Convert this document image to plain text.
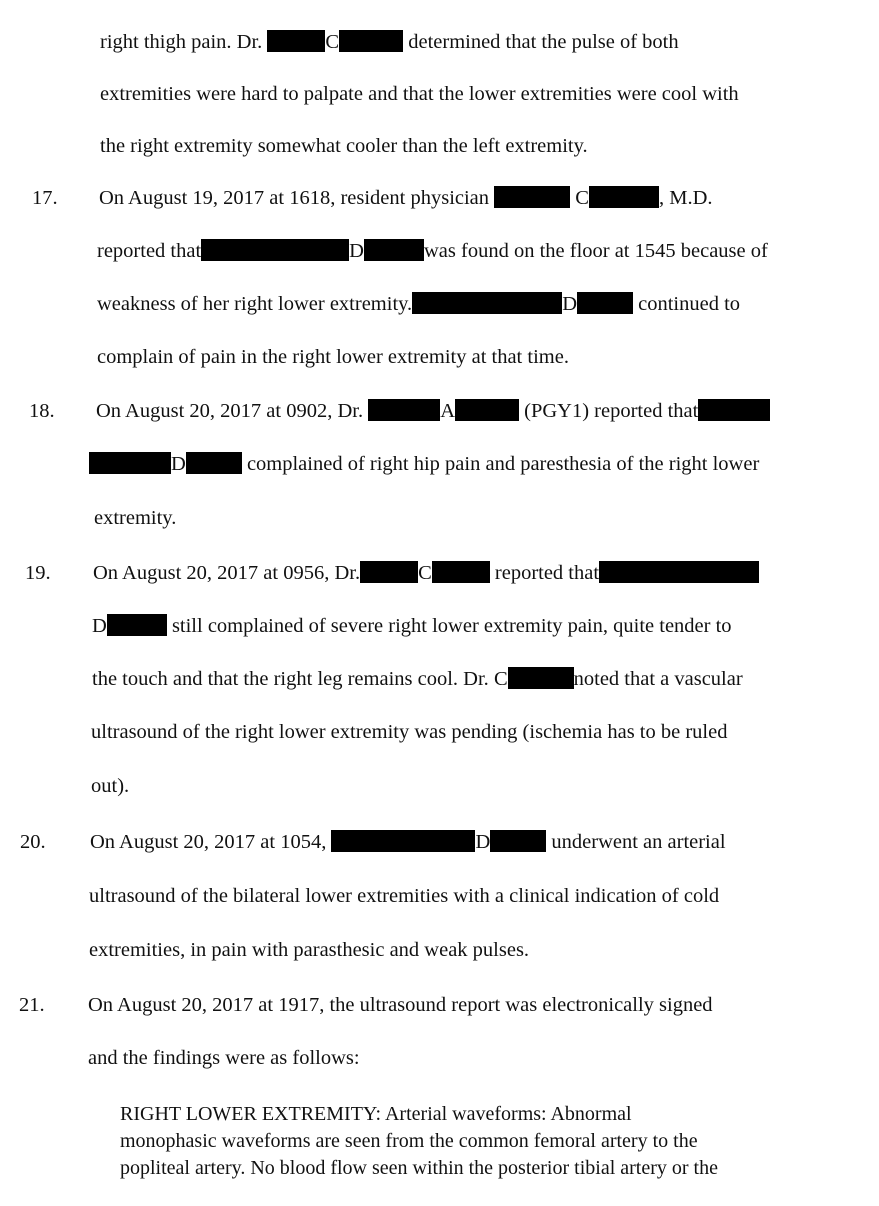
right thigh pain. Dr.	C	determined that the pulse of both
extremities were hard to palpate and that the lower extremities were cool with
the right extremity somewhat cooler than the left extremity.
17. On August 19, 2017 at 1618, resident physician	C	, M.D.
reported that	D	was found on the floor at 1545 because of
weakness of her right lower extremity.	D	continued to
complain of pain in the right lower extremity at that time.
18. On August 20, 2017 at 0902, Dr.	A	(PGY1) reported that
D	complained of right hip pain and paresthesia of the right lower
extremity.
19. On August 20, 2017 at 0956, Dr.	C	reported that
D	still complained of severe right lower extremity pain, quite tender to
the touch and that the right leg remains cool. Dr. C	noted that a vascular
ultrasound of the right lower extremity was pending (ischemia has to be ruled
out).
20. On August 20, 2017 at 1054,	D	underwent an arterial
ultrasound of the bilateral lower extremities with a clinical indication of cold
extremities, in pain with parasthesic and weak pulses.
21. On August 20, 2017 at 1917, the ultrasound report was electronically signed
and the findings were as follows:
RIGHT LOWER EXTREMITY: Arterial waveforms: Abnormal
monophasic waveforms are seen from the common femoral artery to the
popliteal artery. No blood flow seen within the posterior tibial artery or the
